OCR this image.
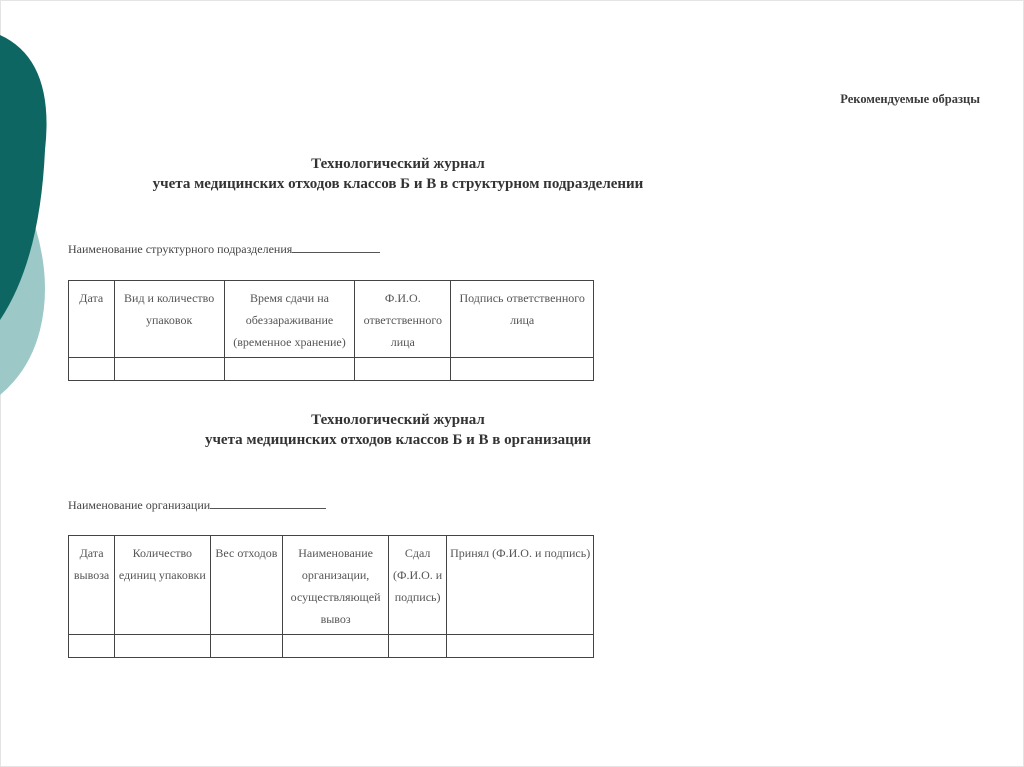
Рекомендуемые образцы
Технологический журнал
учета медицинских отходов классов Б и В в структурном подразделении
Наименование структурного подразделения
Дата	Вид и количество упаковок	Время сдачи на обеззараживание (временное хранение)	Ф.И.О. ответственного лица	Подпись ответственного лица

Технологический журнал
учета медицинских отходов классов Б и В в организации
Наименование организации
Дата вывоза	Количество единиц упаковки	Вес отходов	Наименование организации, осуществляющей вывоз	Сдал (Ф.И.О. и подпись)	Принял (Ф.И.О. и подпись)
